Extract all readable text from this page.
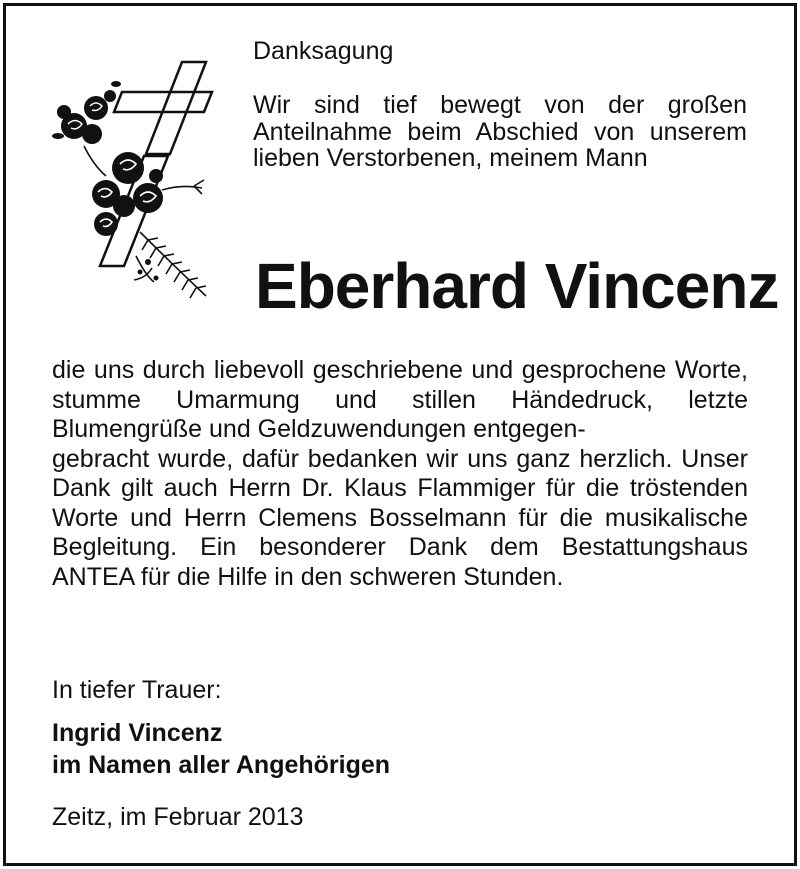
Danksagung
Wir sind tief bewegt von der großen Anteilnahme beim Abschied von unserem lieben Verstorbenen, meinem Mann
Eberhard Vincenz
die uns durch liebevoll geschriebene und gesprochene Worte, stumme Umarmung und stillen Händedruck, letzte Blumengrüße und Geldzuwendungen entgegen-
gebracht wurde, dafür bedanken wir uns ganz herzlich. Unser Dank gilt auch Herrn Dr. Klaus Flammiger für die tröstenden Worte und Herrn Clemens Bosselmann für die musikalische Begleitung. Ein besonderer Dank dem Bestattungshaus ANTEA für die Hilfe in den schweren Stunden.
In tiefer Trauer:
Ingrid Vincenz
im Namen aller Angehörigen
Zeitz, im Februar 2013
